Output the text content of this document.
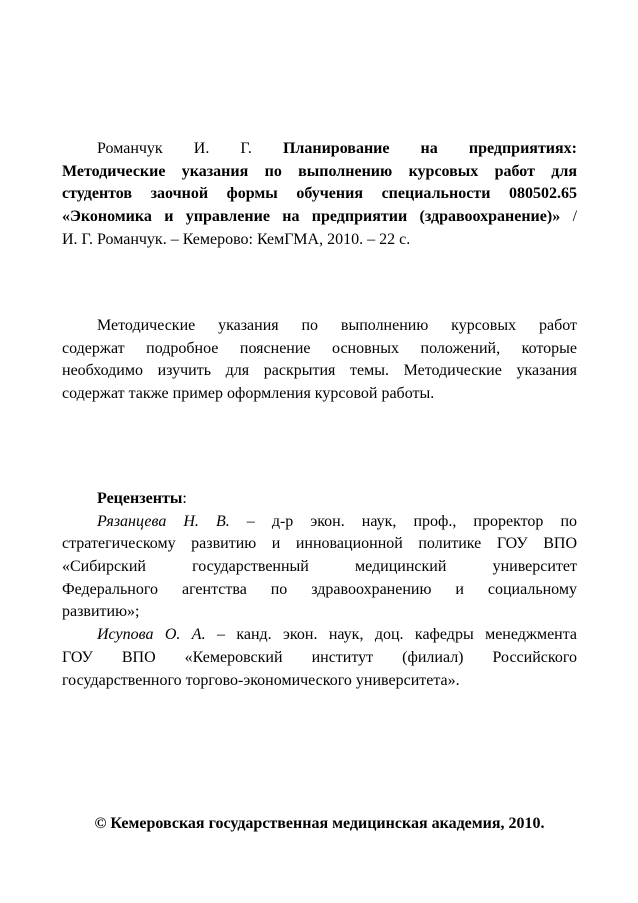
Романчук И. Г. Планирование на предприятиях:
Методические указания по выполнению курсовых работ для
студентов заочной формы обучения специальности 080502.65
«Экономика и управление на предприятии (здравоохранение)» /
И. Г. Романчук. – Кемерово: КемГМА, 2010. – 22 с.
Методические указания по выполнению курсовых работ
содержат подробное пояснение основных положений, которые
необходимо изучить для раскрытия темы. Методические указания
содержат также пример оформления курсовой работы.
Рецензенты:
Рязанцева Н. В. – д-р экон. наук, проф., проректор по
стратегическому развитию и инновационной политике ГОУ ВПО
«Сибирский государственный медицинский университет
Федерального агентства по здравоохранению и социальному
развитию»;
Исупова О. А. – канд. экон. наук, доц. кафедры менеджмента
ГОУ ВПО «Кемеровский институт (филиал) Российского
государственного торгово-экономического университета».
© Кемеровская государственная медицинская академия, 2010.
